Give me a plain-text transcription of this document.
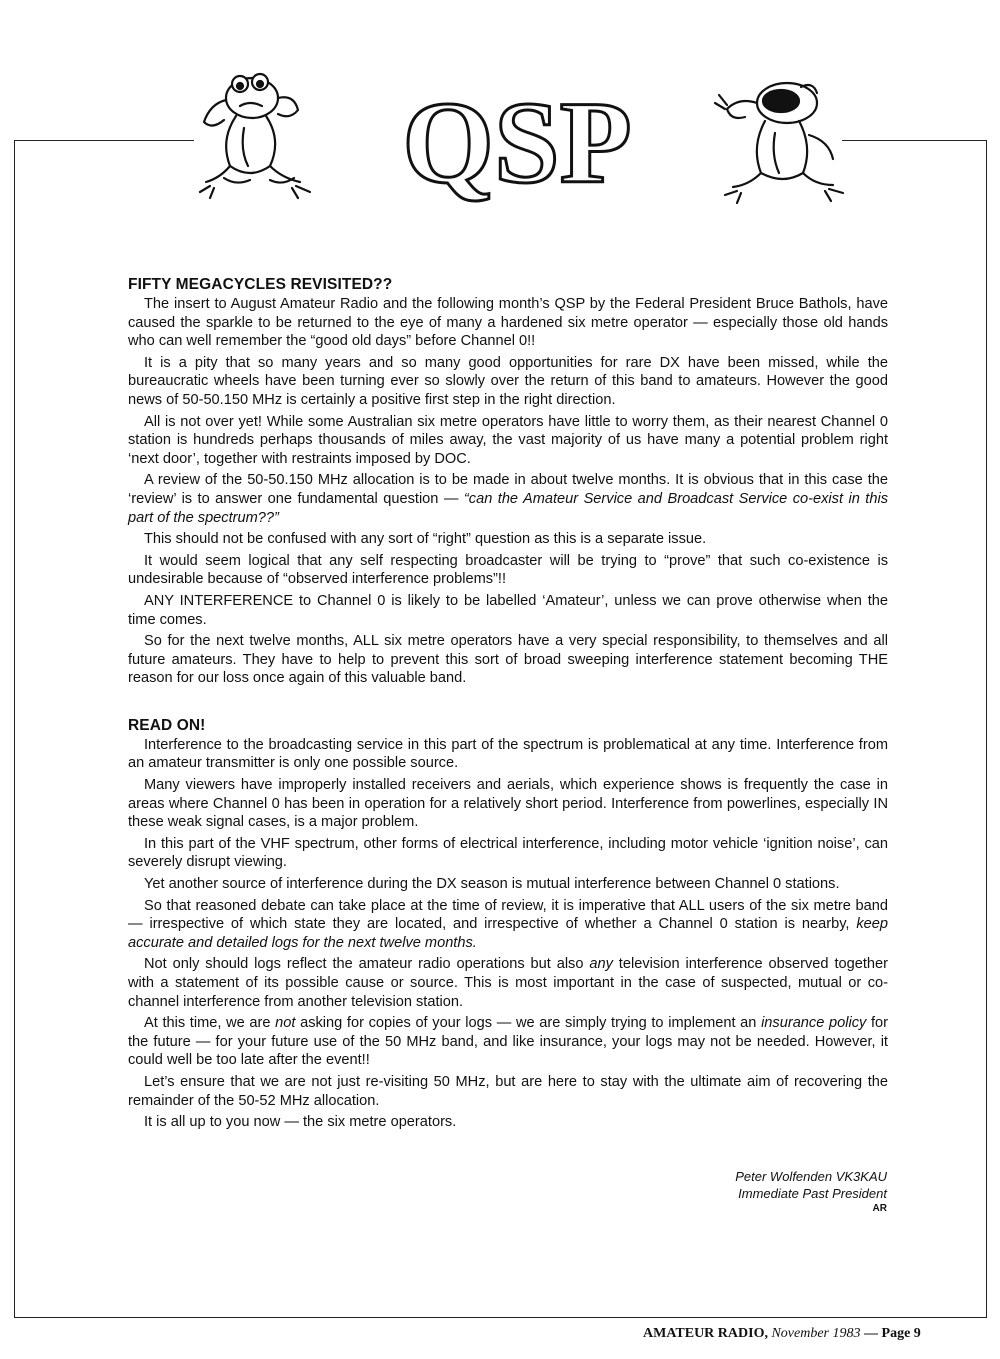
QSP
FIFTY MEGACYCLES REVISITED??

The insert to August Amateur Radio and the following month’s QSP by the Federal President Bruce Bathols, have caused the sparkle to be returned to the eye of many a hardened six metre operator — especially those old hands who can well remember the “good old days” before Channel 0!!

It is a pity that so many years and so many good opportunities for rare DX have been missed, while the bureaucratic wheels have been turning ever so slowly over the return of this band to amateurs. However the good news of 50-50.150 MHz is certainly a positive first step in the right direction.

All is not over yet! While some Australian six metre operators have little to worry them, as their nearest Channel 0 station is hundreds perhaps thousands of miles away, the vast majority of us have many a potential problem right ‘next door’, together with restraints imposed by DOC.

A review of the 50-50.150 MHz allocation is to be made in about twelve months. It is obvious that in this case the ‘review’ is to answer one fundamental question — “can the Amateur Service and Broadcast Service co-exist in this part of the spectrum??”

This should not be confused with any sort of “right” question as this is a separate issue.

It would seem logical that any self respecting broadcaster will be trying to “prove” that such co-existence is undesirable because of “observed interference problems”!!

ANY INTERFERENCE to Channel 0 is likely to be labelled ‘Amateur’, unless we can prove otherwise when the time comes.

So for the next twelve months, ALL six metre operators have a very special responsibility, to themselves and all future amateurs. They have to help to prevent this sort of broad sweeping interference statement becoming THE reason for our loss once again of this valuable band.

READ ON!

Interference to the broadcasting service in this part of the spectrum is problematical at any time. Interference from an amateur transmitter is only one possible source.

Many viewers have improperly installed receivers and aerials, which experience shows is frequently the case in areas where Channel 0 has been in operation for a relatively short period. Interference from powerlines, especially IN these weak signal cases, is a major problem.

In this part of the VHF spectrum, other forms of electrical interference, including motor vehicle ‘ignition noise’, can severely disrupt viewing.

Yet another source of interference during the DX season is mutual interference between Channel 0 stations.

So that reasoned debate can take place at the time of review, it is imperative that ALL users of the six metre band — irrespective of which state they are located, and irrespective of whether a Channel 0 station is nearby, keep accurate and detailed logs for the next twelve months.

Not only should logs reflect the amateur radio operations but also any television interference observed together with a statement of its possible cause or source. This is most important in the case of suspected, mutual or co-channel interference from another television station.

At this time, we are not asking for copies of your logs — we are simply trying to implement an insurance policy for the future — for your future use of the 50 MHz band, and like insurance, your logs may not be needed. However, it could well be too late after the event!!

Let’s ensure that we are not just re-visiting 50 MHz, but are here to stay with the ultimate aim of recovering the remainder of the 50-52 MHz allocation.

It is all up to you now — the six metre operators.

Peter Wolfenden VK3KAU
Immediate Past President
AR
AMATEUR RADIO, November 1983 — Page 9
